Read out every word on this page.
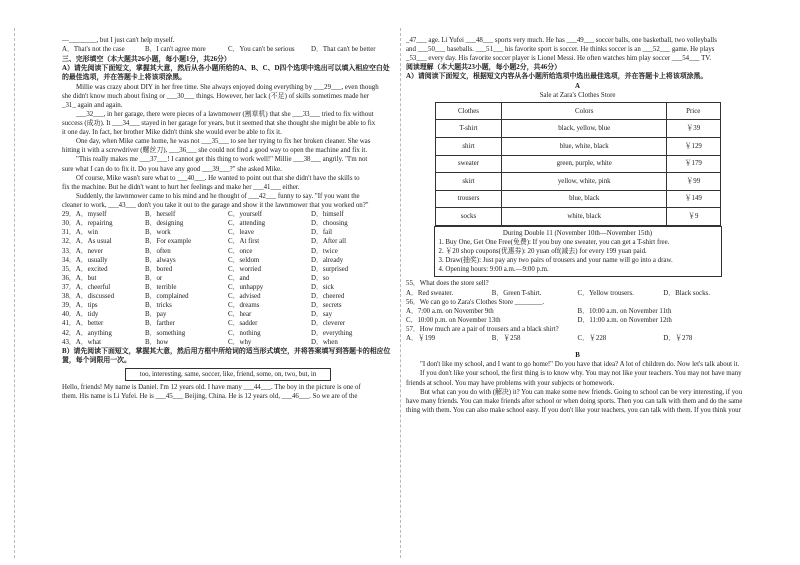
—________, but I just can't help myself.

A．That's not the case	B．I can't agree more	C．You can't be serious	D．That can't be better

三、完形填空（本大题共26小题，每小题1分，共26分）

A）请先阅读下面短文，掌握其大意，然后从各小题所给的A、B、C、D四个选项中选出可以填入相应空白处的最佳选项，并在答题卡上将该项涂黑。

Millie was crazy about DIY in her free time. She always enjoyed doing everything by ___29___, even though

she didn't know much about fixing or ___30___ things. However, her lack (不足) of skills sometimes made her

_31_ again and again.

___32___, in her garage, there were pieces of a lawnmower (割草机) that she ___33___ tried to fix without

success (成功). It ___34___ stayed in her garage for years, but it seemed that she thought she might be able to fix

it one day. In fact, her brother Mike didn't think she would ever be able to fix it.

One day, when Mike came home, he was not ___35___ to see her trying to fix her broken cleaner. She was

hitting it with a screwdriver (螺丝刀), ___36___ she could not find a good way to open the machine and fix it.

"This really makes me ___37___! I cannot get this thing to work well!" Millie ___38___ angrily. "I'm not

sure what I can do to fix it. Do you have any good ___39___?" she asked Mike.

Of course, Mike wasn't sure what to ___40___. He wanted to point out that she didn't have the skills to

fix the machine. But he didn't want to hurt her feelings and make her ___41___ either.

Suddenly, the lawnmower came to his mind and he thought of ___42___ funny to say. "If you want the

cleaner to work, ___43___ don't you take it out to the garage and show it the lawnmower that you worked on?"

29．A．myself	B．herself	C．yourself	D．himself
30．A．repairing	B．designing	C．attending	D．choosing
31．A．win	B．work	C．leave	D．fail
32．A．As usual	B．For example	C．At first	D．After all
33．A．never	B．often	C．once	D．twice
34．A．usually	B．always	C．seldom	D．already
35．A．excited	B．bored	C．worried	D．surprised
36．A．but	B．or	C．and	D．so
37．A．cheerful	B．terrible	C．unhappy	D．sick
38．A．discussed	B．complained	C．advised	D．cheered
39．A．tips	B．tricks	C．dreams	D．secrets
40．A．tidy	B．pay	C．hear	D．say
41．A．better	B．farther	C．sadder	D．cleverer
42．A．anything	B．something	C．nothing	D．everything
43．A．what	B．how	C．why	D．when

B）请先阅读下面短文，掌握其大意，然后用方框中所给词的适当形式填空，并将答案填写到答题卡的相应位置，每个词限用一次。

too, interesting, same, soccer, like, friend, some, on, two, but, in

Hello, friends! My name is Daniel. I'm 12 years old. I have many ___44___. The boy in the picture is one of

them. His name is Li Yufei. He is ___45___ Beijing, China. He is 12 years old, ___46___. So we are of the

_47___ age. Li Yufei ___48___ sports very much. He has ___49___ soccer balls, one basketball, two volleyballs

and ___50___ baseballs. ___51___ his favorite sport is soccer. He thinks soccer is an ___52___ game. He plays

_53___ every day. His favorite soccer player is Lionel Messi. He often watches him play soccer ___54___ TV.

阅读理解（本大题共23小题，每小题2分，共46分）

A）请阅读下面短文，根据短文内容从各小题所给选项中选出最佳选项，并在答题卡上将该项涂黑。

A

Sale at Zara's Clothes Store

Clothes	Colors	Price
T-shirt	black, yellow, blue	￥39
shirt	blue, white, black	￥129
sweater	green, purple, white	￥179
skirt	yellow, white, pink	￥99
trousers	blue, black	￥149
socks	white, black	￥9

During Double 11 (November 10th—November 15th)

1. Buy One, Get One Free(免费): If you buy one sweater, you can get a T-shirt free.

2. ￥20 shop coupons(优惠券): 20 yuan off(减去) for every 199 yuan paid.

3. Draw(抽奖): Just pay any two pairs of trousers and your name will go into a draw.

4. Opening hours: 9:00 a.m.—9:00 p.m.

55．What does the store sell?

A．Red sweater.	B．Green T-shirt.	C．Yellow trousers.	D．Black socks.

56．We can go to Zara's Clothes Store ________.

A．7:00 a.m. on November 9th	B．10:00 a.m. on November 11th
C．10:00 p.m. on November 13th	D．11:00 a.m. on November 12th

57．How much are a pair of trousers and a black shirt?

A．￥199	B．￥258	C．￥228	D．￥278

B

"I don't like my school, and I want to go home!" Do you have that idea? A lot of children do. Now let's talk about it.

If you don't like your school, the first thing is to know why. You may not like your teachers. You may not have many

friends at school. You may have problems with your subjects or homework.

But what can you do with (解决) it? You can make some new friends. Going to school can be very interesting, if you

have many friends. You can make friends after school or when doing sports. Then you can talk with them and do the same

thing with them. You can also make school easy. If you don't like your teachers, you can talk with them. If you think your
